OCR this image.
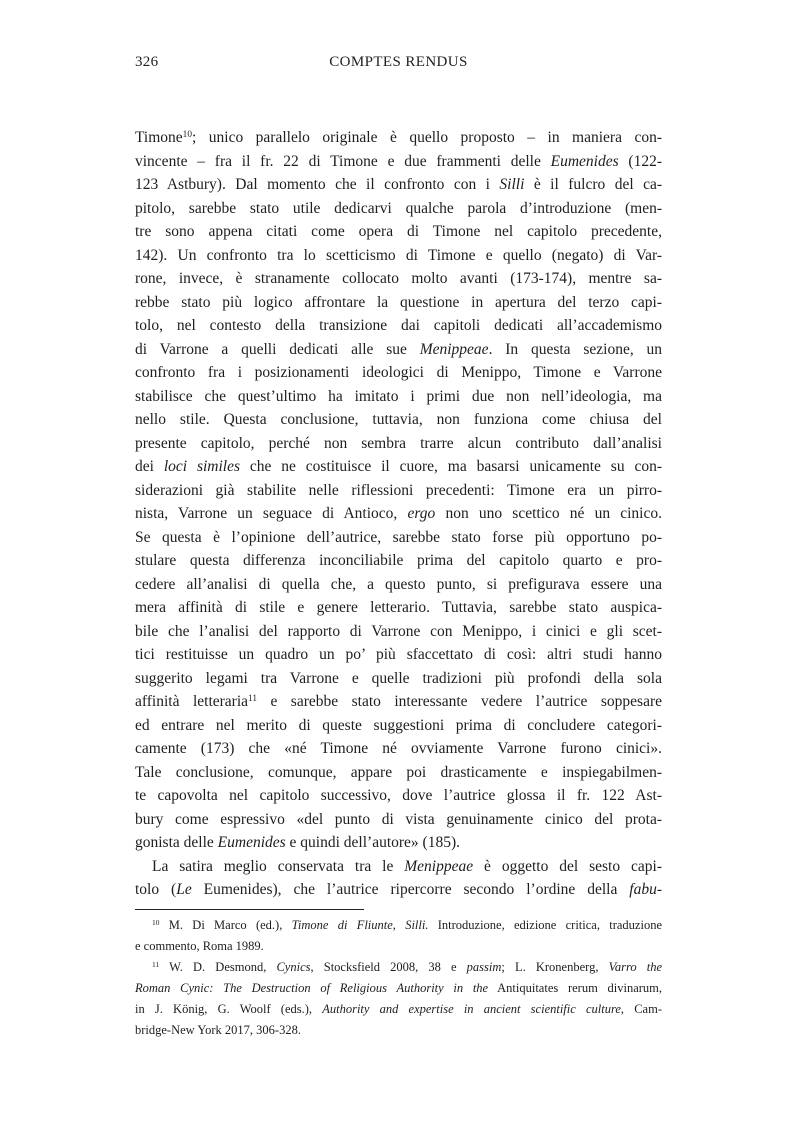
326	COMPTES RENDUS
Timone$^{10}$; unico parallelo originale è quello proposto – in maniera con-
vincente – fra il fr. 22 di Timone e due frammenti delle Eumenides (122-
123 Astbury). Dal momento che il confronto con i Silli è il fulcro del ca-
pitolo, sarebbe stato utile dedicarvi qualche parola d’introduzione (men-
tre sono appena citati come opera di Timone nel capitolo precedente,
142). Un confronto tra lo scetticismo di Timone e quello (negato) di Var-
rone, invece, è stranamente collocato molto avanti (173-174), mentre sa-
rebbe stato più logico affrontare la questione in apertura del terzo capi-
tolo, nel contesto della transizione dai capitoli dedicati all’accademismo
di Varrone a quelli dedicati alle sue Menippeae. In questa sezione, un
confronto fra i posizionamenti ideologici di Menippo, Timone e Varrone
stabilisce che quest’ultimo ha imitato i primi due non nell’ideologia, ma
nello stile. Questa conclusione, tuttavia, non funziona come chiusa del
presente capitolo, perché non sembra trarre alcun contributo dall’analisi
dei loci similes che ne costituisce il cuore, ma basarsi unicamente su con-
siderazioni già stabilite nelle riflessioni precedenti: Timone era un pirro-
nista, Varrone un seguace di Antioco, ergo non uno scettico né un cinico.
Se questa è l’opinione dell’autrice, sarebbe stato forse più opportuno po-
stulare questa differenza inconciliabile prima del capitolo quarto e pro-
cedere all’analisi di quella che, a questo punto, si prefigurava essere una
mera affinità di stile e genere letterario. Tuttavia, sarebbe stato auspica-
bile che l’analisi del rapporto di Varrone con Menippo, i cinici e gli scet-
tici restituisse un quadro un po’ più sfaccettato di così: altri studi hanno
suggerito legami tra Varrone e quelle tradizioni più profondi della sola
affinità letteraria$^{11}$ e sarebbe stato interessante vedere l’autrice soppesare
ed entrare nel merito di queste suggestioni prima di concludere categori-
camente (173) che «né Timone né ovviamente Varrone furono cinici».
Tale conclusione, comunque, appare poi drasticamente e inspiegabilmen-
te capovolta nel capitolo successivo, dove l’autrice glossa il fr. 122 Ast-
bury come espressivo «del punto di vista genuinamente cinico del prota-
gonista delle Eumenides e quindi dell’autore» (185).
La satira meglio conservata tra le Menippeae è oggetto del sesto capi-
tolo (Le Eumenides), che l’autrice ripercorre secondo l’ordine della fabu-
$^{10}$ M. Di Marco (ed.), Timone di Fliunte, Silli. Introduzione, edizione critica, traduzione
e commento, Roma 1989.
$^{11}$ W. D. Desmond, Cynics, Stocksfield 2008, 38 e passim; L. Kronenberg, Varro the
Roman Cynic: The Destruction of Religious Authority in the Antiquitates rerum divinarum,
in J. König, G. Woolf (eds.), Authority and expertise in ancient scientific culture, Cam-
bridge-New York 2017, 306-328.
